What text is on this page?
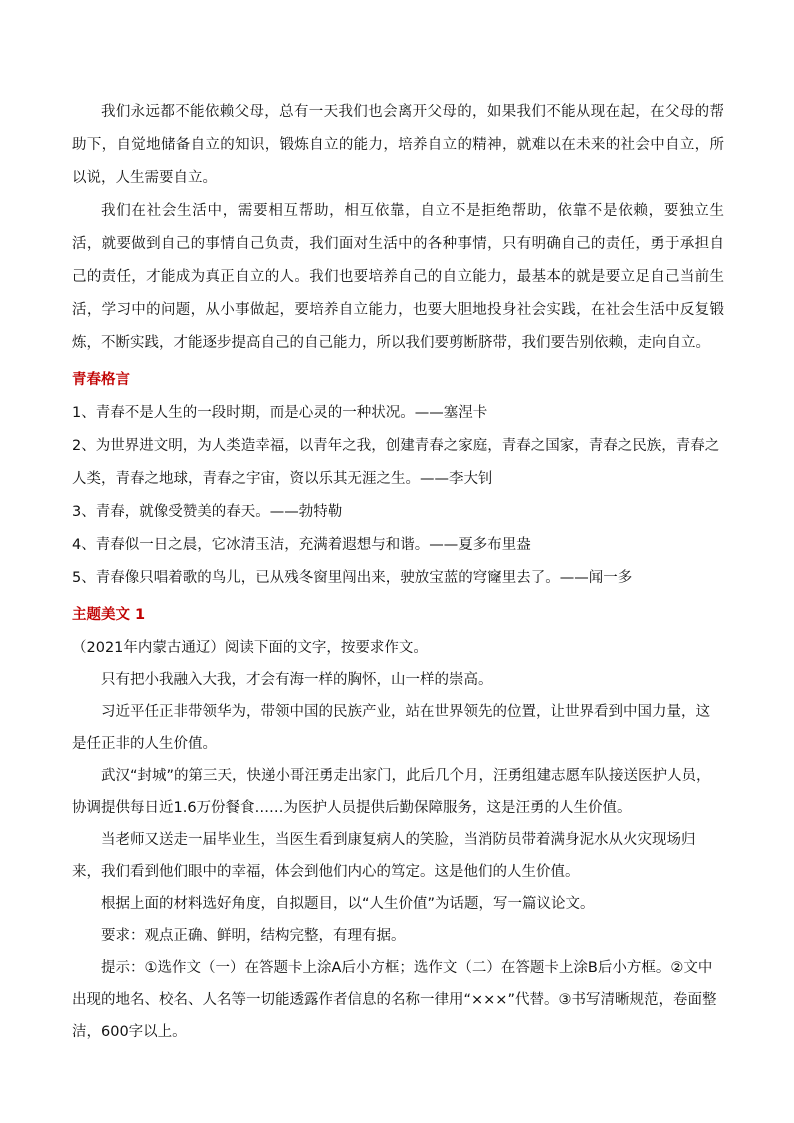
我们永远都不能依赖父母，总有一天我们也会离开父母的，如果我们不能从现在起，在父母的帮助下，自觉地储备自立的知识，锻炼自立的能力，培养自立的精神，就难以在未来的社会中自立，所以说，人生需要自立。

我们在社会生活中，需要相互帮助，相互依靠，自立不是拒绝帮助，依靠不是依赖，要独立生活，就要做到自己的事情自己负责，我们面对生活中的各种事情，只有明确自己的责任，勇于承担自己的责任，才能成为真正自立的人。我们也要培养自己的自立能力，最基本的就是要立足自己当前生活，学习中的问题，从小事做起，要培养自立能力，也要大胆地投身社会实践，在社会生活中反复锻炼，不断实践，才能逐步提高自己的自己能力，所以我们要剪断脐带，我们要告别依赖，走向自立。

青春格言

1、青春不是人生的一段时期，而是心灵的一种状况。——塞涅卡

2、为世界进文明，为人类造幸福，以青年之我，创建青春之家庭，青春之国家，青春之民族，青春之人类，青春之地球，青春之宇宙，资以乐其无涯之生。——李大钊

3、青春，就像受赞美的春天。——勃特勒

4、青春似一日之晨，它冰清玉洁，充满着遐想与和谐。——夏多布里盎

5、青春像只唱着歌的鸟儿，已从残冬窗里闯出来，驶放宝蓝的穹窿里去了。——闻一多

主题美文 1

（2021年内蒙古通辽）阅读下面的文字，按要求作文。

只有把小我融入大我，才会有海一样的胸怀，山一样的崇高。

习近平任正非带领华为，带领中国的民族产业，站在世界领先的位置，让世界看到中国力量，这是任正非的人生价值。

武汉“封城”的第三天，快递小哥汪勇走出家门，此后几个月，汪勇组建志愿车队接送医护人员，协调提供每日近1.6万份餐食……为医护人员提供后勤保障服务，这是汪勇的人生价值。

当老师又送走一届毕业生，当医生看到康复病人的笑脸，当消防员带着满身泥水从火灾现场归来，我们看到他们眼中的幸福，体会到他们内心的笃定。这是他们的人生价值。

根据上面的材料选好角度，自拟题目，以“人生价值”为话题，写一篇议论文。

要求：观点正确、鲜明，结构完整，有理有据。

提示：①选作文（一）在答题卡上涂A后小方框；选作文（二）在答题卡上涂B后小方框。②文中出现的地名、校名、人名等一切能透露作者信息的名称一律用“×××”代替。③书写清晰规范，卷面整洁，600字以上。
